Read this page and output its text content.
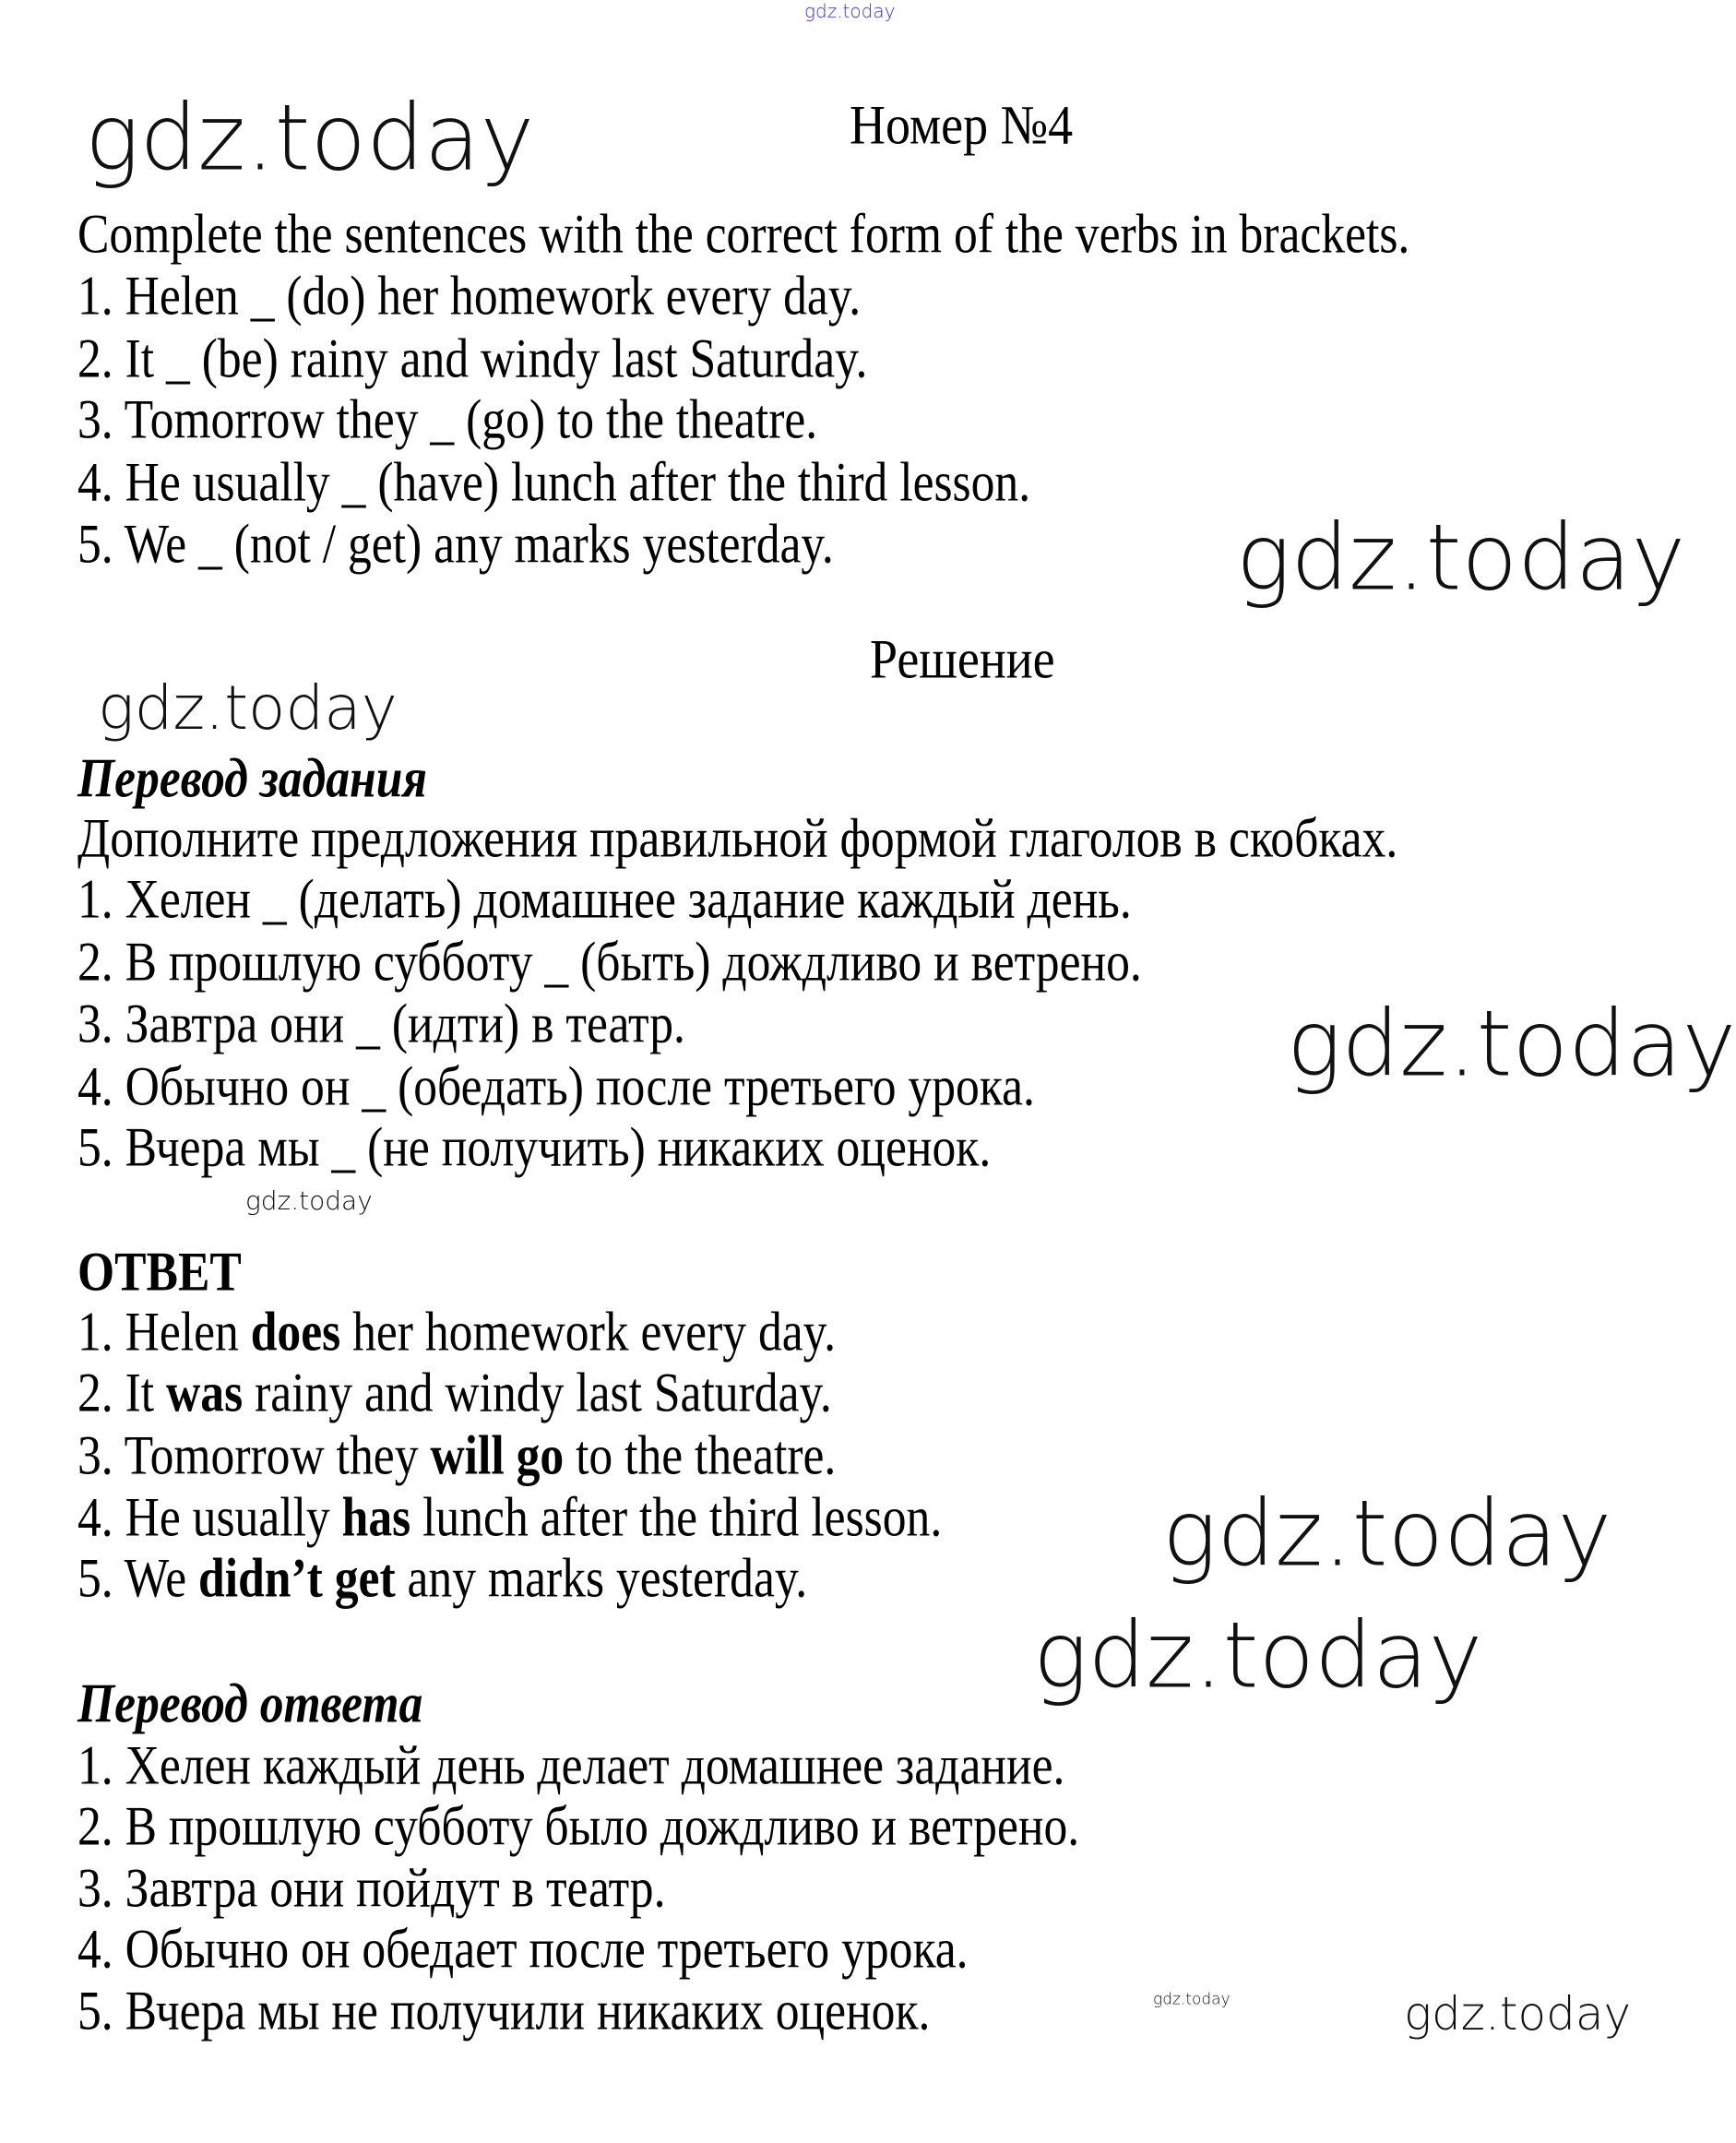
gdz.today
gdz.today
gdz.today
gdz.today
gdz.today
gdz.today
gdz.today
gdz.today
gdz.today	gdz.today
Номер №4
Complete the sentences with the correct form of the verbs in brackets.
1. Helen _ (do) her homework every day.
2. It _ (be) rainy and windy last Saturday.
3. Tomorrow they _ (go) to the theatre.
4. He usually _ (have) lunch after the third lesson.
5. We _ (not / get) any marks yesterday.
Решение
Перевод задания
Дополните предложения правильной формой глаголов в скобках.
1. Хелен _ (делать) домашнее задание каждый день.
2. В прошлую субботу _ (быть) дождливо и ветрено.
3. Завтра они _ (идти) в театр.
4. Обычно он _ (обедать) после третьего урока.
5. Вчера мы _ (не получить) никаких оценок.
ОТВЕТ
1. Helen does her homework every day.
2. It was rainy and windy last Saturday.
3. Tomorrow they will go to the theatre.
4. He usually has lunch after the third lesson.
5. We didn’t get any marks yesterday.
Перевод ответа
1. Хелен каждый день делает домашнее задание.
2. В прошлую субботу было дождливо и ветрено.
3. Завтра они пойдут в театр.
4. Обычно он обедает после третьего урока.
5. Вчера мы не получили никаких оценок.
